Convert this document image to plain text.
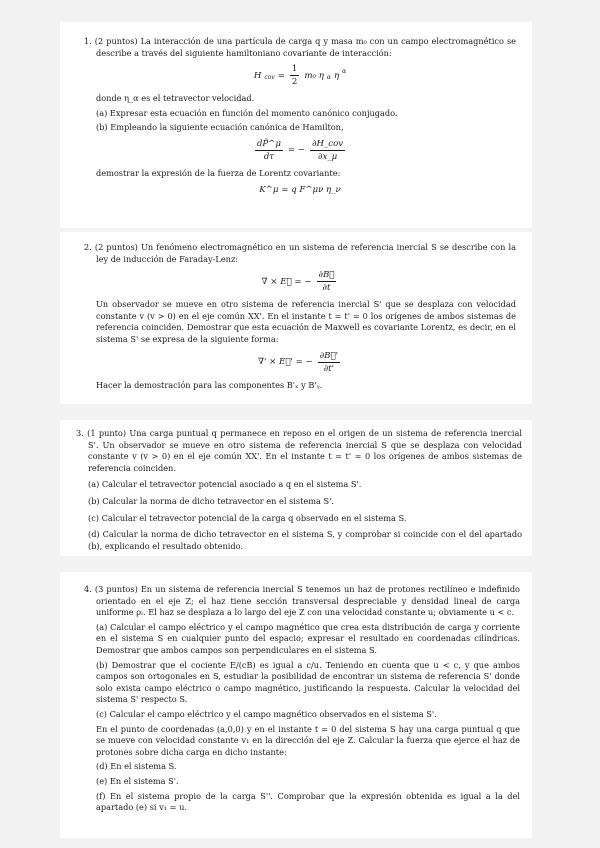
1. (2 puntos) La interacción de una partícula de carga q y masa m₀ con un campo electromagnético se describe a través del siguiente hamiltoniano covariante de interacción:

H cov = $\frac{1}{2} m_0$ η α η α

donde η_α es el tetravector velocidad.

(a) Expresar esta ecuación en función del momento canónico conjugado.

(b) Empleando la siguiente ecuación canónica de Hamilton,

$\frac{dP̃\^{}\mu}{d\tau}$ = − $\frac{\text{∂H\_cov}}{\partial x\_\mu}$

demostrar la expresión de la fuerza de Lorentz covariante:

K^μ = q F^μν η_ν

2. (2 puntos) Un fenómeno electromagnético en un sistema de referencia inercial S se describe con la ley de inducción de Faraday-Lenz:

∇ × E⃗ = − $\frac{\partial B⃗}{\partial t}$

Un observador se mueve en otro sistema de referencia inercial S' que se desplaza con velocidad constante v (v > 0) en el eje común XX'. En el instante t = t' = 0 los orígenes de ambos sistemas de referencia coinciden. Demostrar que esta ecuación de Maxwell es covariante Lorentz, es decir, en el sistema S' se expresa de la siguiente forma:

∇' × E⃗' = − $\frac{\partial B⃗'}{\partial t'}$

Hacer la demostración para las componentes B'ₓ y B'ᵧ.

3. (1 punto) Una carga puntual q permanece en reposo en el origen de un sistema de referencia inercial S'. Un observador se mueve en otro sistema de referencia inercial S que se desplaza con velocidad constante v (v > 0) en el eje común XX'. En el instante t = t' = 0 los orígenes de ambos sistemas de referencia coinciden.

(a) Calcular el tetravector potencial asociado a q en el sistema S'.

(b) Calcular la norma de dicho tetravector en el sistema S'.

(c) Calcular el tetravector potencial de la carga q observado en el sistema S.

(d) Calcular la norma de dicho tetravector en el sistema S, y comprobar si coincide con el del apartado (b), explicando el resultado obtenido.

4. (3 puntos) En un sistema de referencia inercial S tenemos un haz de protones rectilíneo e indefinido orientado en el eje Z; el haz tiene sección transversal despreciable y densidad lineal de carga uniforme ρₗ. El haz se desplaza a lo largo del eje Z con una velocidad constante u; obviamente u < c.

(a) Calcular el campo eléctrico y el campo magnético que crea esta distribución de carga y corriente en el sistema S en cualquier punto del espacio; expresar el resultado en coordenadas cilíndricas. Demostrar que ambos campos son perpendiculares en el sistema S.

(b) Demostrar que el cociente E/(cB) es igual a c/u. Teniendo en cuenta que u < c, y que ambos campos son ortogonales en S, estudiar la posibilidad de encontrar un sistema de referencia S' donde solo exista campo eléctrico o campo magnético, justificando la respuesta. Calcular la velocidad del sistema S' respecto S.

(c) Calcular el campo eléctrico y el campo magnético observados en el sistema S'.

En el punto de coordenadas (a,0,0) y en el instante t = 0 del sistema S hay una carga puntual q que se mueve con velocidad constante v₁ en la dirección del eje Z. Calcular la fuerza que ejerce el haz de protones sobre dicha carga en dicho instante:

(d) En el sistema S.

(e) En el sistema S'.

(f) En el sistema propio de la carga S''. Comprobar que la expresión obtenida es igual a la del apartado (e) si v₁ = u.
